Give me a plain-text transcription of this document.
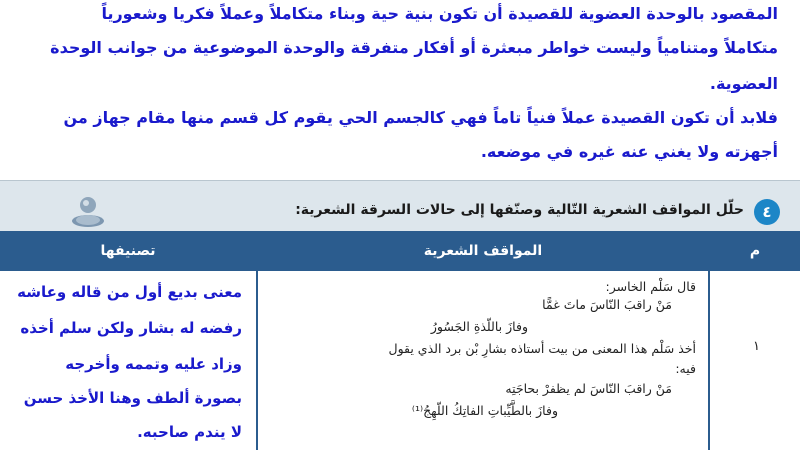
المقصود بالوحدة العضوية للقصيدة أن تكون بنية حية وبناء متكاملاً وعملاً فكريا وشعورياً
متكاملاً ومتنامياً وليست خواطر مبعثرة أو أفكار متفرقة والوحدة الموضوعية من جوانب الوحدة
العضوية.
فلابد أن تكون القصيدة عملاً فنياً تاماً فهي كالجسم الحي يقوم كل قسم منها مقام جهاز من
أجهزته ولا يغني عنه غيره في موضعه.
٤
حلّل المواقف الشعرية التّالية وصنّفها إلى حالات السرقة الشعرية:
تصنيفها	المواقف الشعرية	م
معنى بديع أول من قاله وعاشه
رفضه له بشار ولكن سلم أخذه
وزاد عليه وتممه وأخرجه
بصورة ألطف وهنا الأخذ حسن
لا يندم صاحبه.
قال سَلْم الخاسر:
مَنْ راقبَ النّاسَ ماتَ غمًّا
وفازَ باللّذةِ الجَسُورُ
أخذ سَلْم هذا المعنى من بيت أستاذه بشارِ بْن برد الذي يقول
فيه:
مَنْ راقبَ النّاسَ لم يظفرْ بحاجَتِه
وفازَ بالطَّيِّباتِ الفاتِكُ اللّهِجُ⁽¹⁾
١
